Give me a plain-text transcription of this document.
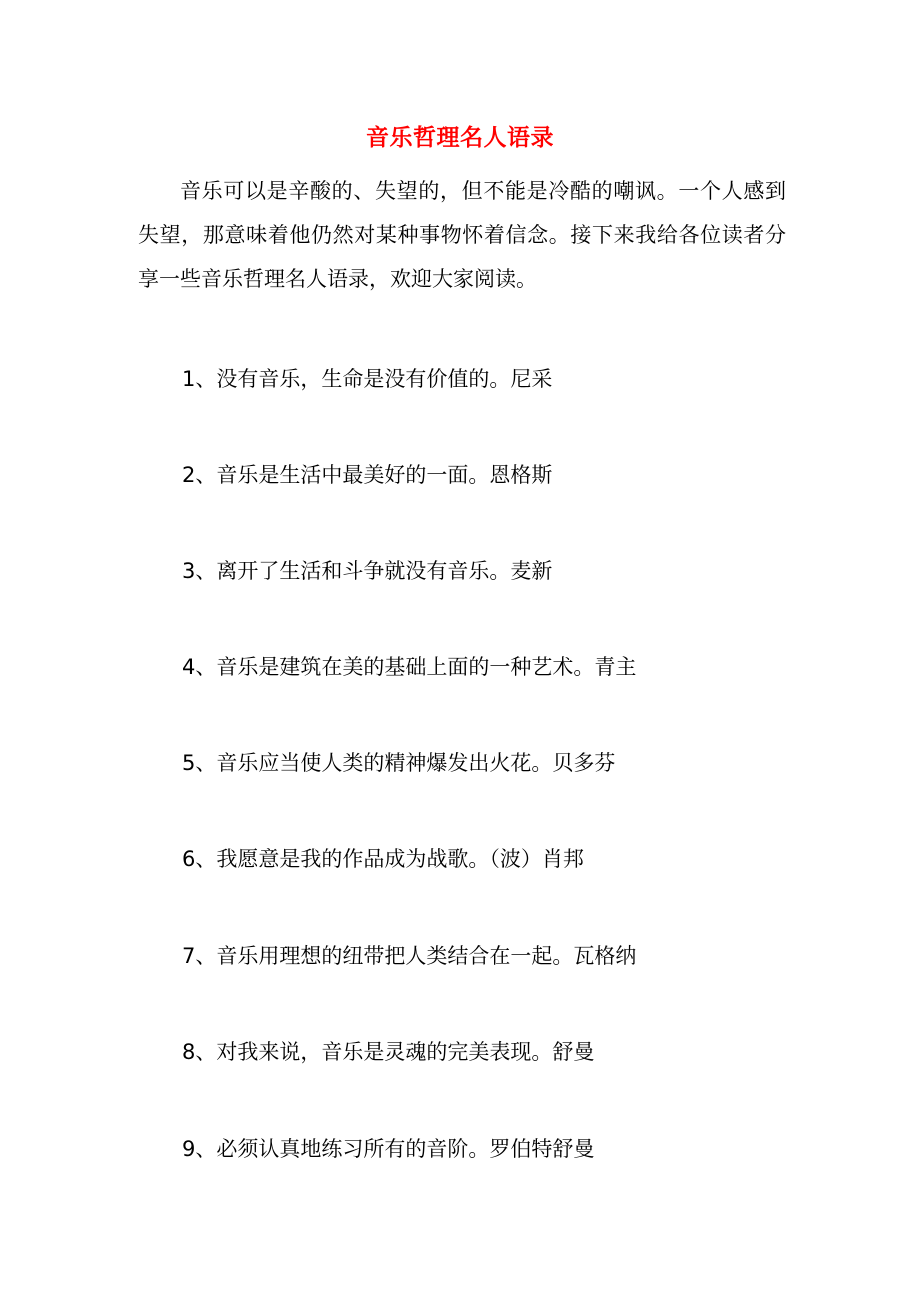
音乐哲理名人语录

音乐可以是辛酸的、失望的，但不能是冷酷的嘲讽。一个人感到失望，那意味着他仍然对某种事物怀着信念。接下来我给各位读者分享一些音乐哲理名人语录，欢迎大家阅读。

1、没有音乐，生命是没有价值的。尼采
2、音乐是生活中最美好的一面。恩格斯
3、离开了生活和斗争就没有音乐。麦新
4、音乐是建筑在美的基础上面的一种艺术。青主
5、音乐应当使人类的精神爆发出火花。贝多芬
6、我愿意是我的作品成为战歌。（波）肖邦
7、音乐用理想的纽带把人类结合在一起。瓦格纳
8、对我来说，音乐是灵魂的完美表现。舒曼
9、必须认真地练习所有的音阶。罗伯特舒曼
